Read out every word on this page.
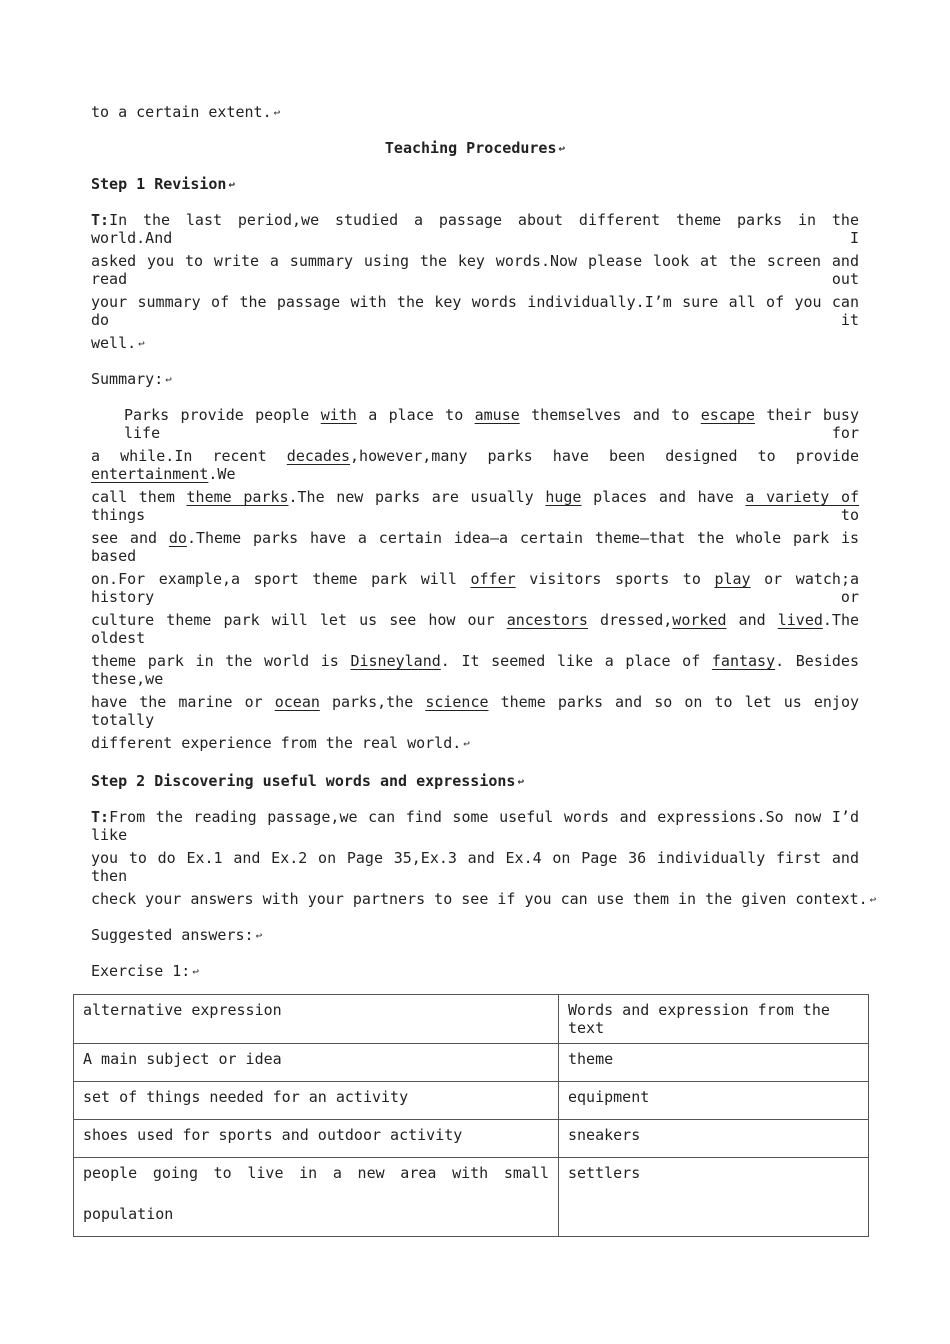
to a certain extent. ↩
Teaching Procedures ↩
Step 1 Revision ↩
T:In the last period,we studied a passage about different theme parks in the world.And I
asked you to write a summary using the key words.Now please look at the screen and read out
your summary of the passage with the key words individually.I’m sure all of you can do it
well. ↩
Summary: ↩
Parks provide people with a place to amuse themselves and to escape their busy life for
a while.In recent decades,however,many parks have been designed to provide entertainment.We
call them theme parks.The new parks are usually huge places and have a variety of things to
see and do.Theme parks have a certain idea—a certain theme—that the whole park is based
on.For example,a sport theme park will offer visitors sports to play or watch;a history or
culture theme park will let us see how our ancestors dressed,worked and lived.The oldest
theme park in the world is Disneyland. It seemed like a place of fantasy. Besides these,we
have the marine or ocean parks,the science theme parks and so on to let us enjoy totally
different experience from the real world. ↩
Step 2 Discovering useful words and expressions ↩
T:From the reading passage,we can find some useful words and expressions.So now I’d like
you to do Ex.1 and Ex.2 on Page 35,Ex.3 and Ex.4 on Page 36 individually first and then
check your answers with your partners to see if you can use them in the given context. ↩
Suggested answers: ↩
Exercise 1: ↩
alternative expression	Words and expression from the text
A main subject or idea	theme
set of things needed for an activity	equipment
shoes used for sports and outdoor activity	sneakers

people going to live in a new area with small
population	settlers
